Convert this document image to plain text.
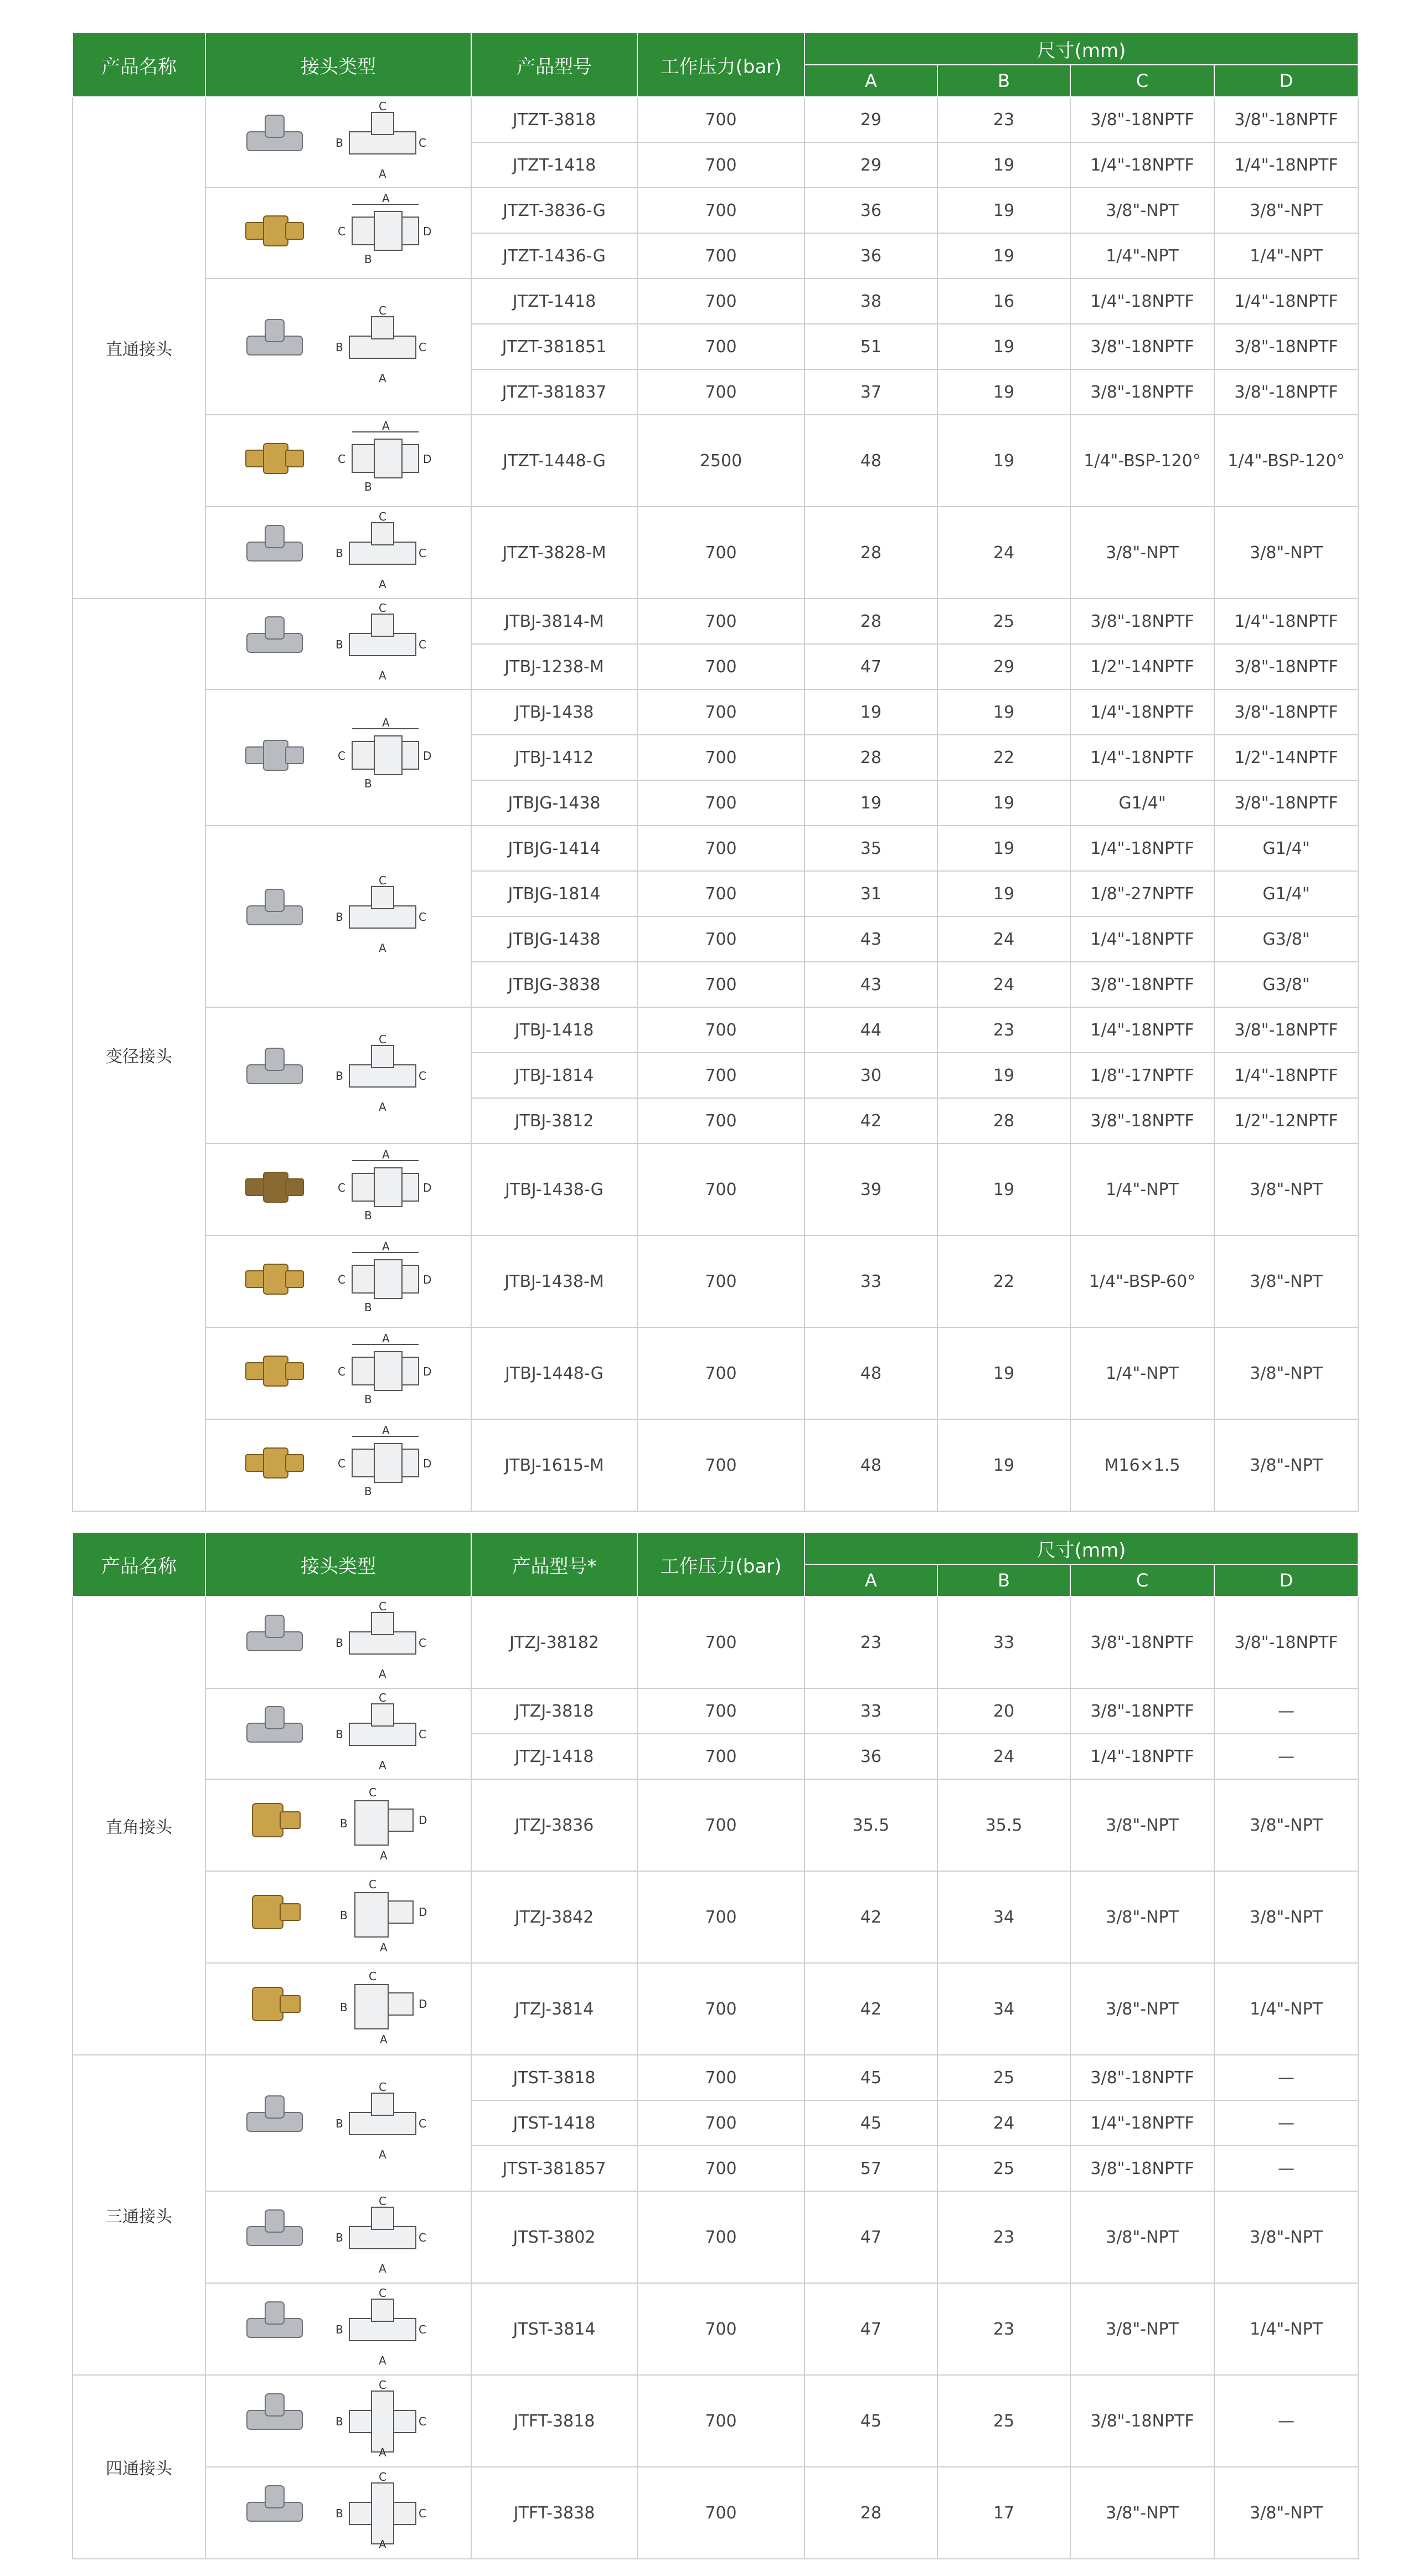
产品名称	接头类型	产品型号	工作压力(bar)	尺寸(mm)			
				A	B	C	D
直通接头	C
B C
A	JTZT-3818	700	29	23	3/8"-18NPTF	3/8"-18NPTF
		JTZT-1418	700	29	19	1/4"-18NPTF	1/4"-18NPTF

A
C D
B	JTZT-3836-G	700	36	19	3/8"-NPT	3/8"-NPT
		JTZT-1436-G	700	36	19	1/4"-NPT	1/4"-NPT

C
B C
A	JTZT-1418	700	38	16	1/4"-18NPTF	1/4"-18NPTF
		JTZT-381851	700	51	19	3/8"-18NPTF	3/8"-18NPTF
		JTZT-381837	700	37	19	3/8"-18NPTF	3/8"-18NPTF

A
C D
B	JTZT-1448-G	2500	48	19	1/4"-BSP-120°	1/4"-BSP-120°

C
B C
A	JTZT-3828-M	700	28	24	3/8"-NPT	3/8"-NPT
变径接头	C
B C
A	JTBJ-3814-M	700	28	25	3/8"-18NPTF	1/4"-18NPTF
		JTBJ-1238-M	700	47	29	1/2"-14NPTF	3/8"-18NPTF

A
C D
B	JTBJ-1438	700	19	19	1/4"-18NPTF	3/8"-18NPTF
		JTBJ-1412	700	28	22	1/4"-18NPTF	1/2"-14NPTF
		JTBJG-1438	700	19	19	G1/4"	3/8"-18NPTF

C
B C
A	JTBJG-1414	700	35	19	1/4"-18NPTF	G1/4"
		JTBJG-1814	700	31	19	1/8"-27NPTF	G1/4"
		JTBJG-1438	700	43	24	1/4"-18NPTF	G3/8"
		JTBJG-3838	700	43	24	3/8"-18NPTF	G3/8"

C
B C
A	JTBJ-1418	700	44	23	1/4"-18NPTF	3/8"-18NPTF
		JTBJ-1814	700	30	19	1/8"-17NPTF	1/4"-18NPTF
		JTBJ-3812	700	42	28	3/8"-18NPTF	1/2"-12NPTF

A
C D
B	JTBJ-1438-G	700	39	19	1/4"-NPT	3/8"-NPT

A
C D
B	JTBJ-1438-M	700	33	22	1/4"-BSP-60°	3/8"-NPT

A
C D
B	JTBJ-1448-G	700	48	19	1/4"-NPT	3/8"-NPT

A
C D
B	JTBJ-1615-M	700	48	19	M16×1.5	3/8"-NPT
产品名称	接头类型	产品型号*	工作压力(bar)	尺寸(mm)			
				A	B	C	D
直角接头	C
B C
A	JTZJ-38182	700	23	33	3/8"-18NPTF	3/8"-18NPTF

C
B C
A	JTZJ-3818	700	33	20	3/8"-18NPTF	—
		JTZJ-1418	700	36	24	1/4"-18NPTF	—

C
B D
A	JTZJ-3836	700	35.5	35.5	3/8"-NPT	3/8"-NPT

C
B D
A	JTZJ-3842	700	42	34	3/8"-NPT	3/8"-NPT

C
B D
A	JTZJ-3814	700	42	34	3/8"-NPT	1/4"-NPT
三通接头	C
B C
A	JTST-3818	700	45	25	3/8"-18NPTF	—
		JTST-1418	700	45	24	1/4"-18NPTF	—
		JTST-381857	700	57	25	3/8"-18NPTF	—

C
B C
A	JTST-3802	700	47	23	3/8"-NPT	3/8"-NPT

C
B C
A	JTST-3814	700	47	23	3/8"-NPT	1/4"-NPT
四通接头	C
B C
A	JTFT-3818	700	45	25	3/8"-18NPTF	—

C
B C
A	JTFT-3838	700	28	17	3/8"-NPT	3/8"-NPT
